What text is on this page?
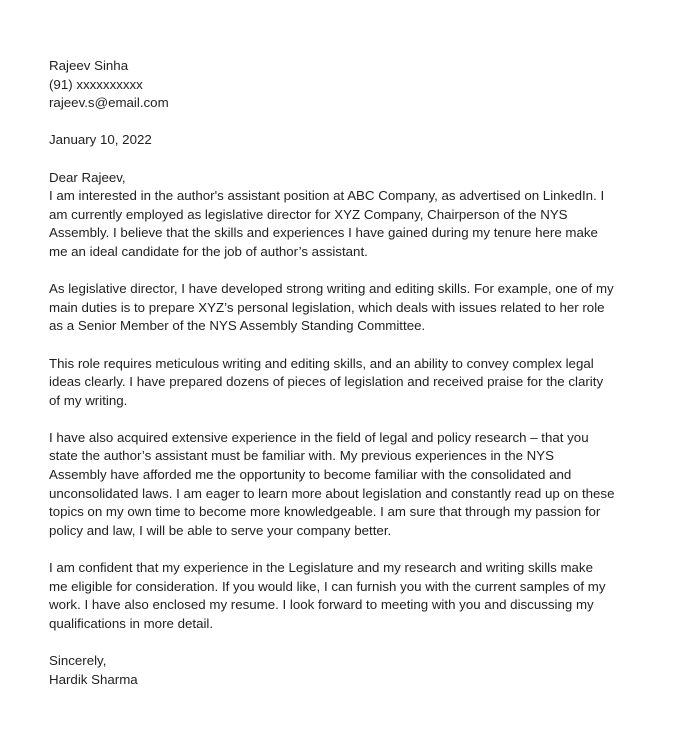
Rajeev Sinha
(91) xxxxxxxxxx
rajeev.s@email.com
January 10, 2022
Dear Rajeev,
I am interested in the author's assistant position at ABC Company, as advertised on LinkedIn. I
am currently employed as legislative director for XYZ Company, Chairperson of the NYS
Assembly. I believe that the skills and experiences I have gained during my tenure here make
me an ideal candidate for the job of author’s assistant.
As legislative director, I have developed strong writing and editing skills. For example, one of my
main duties is to prepare XYZ’s personal legislation, which deals with issues related to her role
as a Senior Member of the NYS Assembly Standing Committee.
This role requires meticulous writing and editing skills, and an ability to convey complex legal
ideas clearly. I have prepared dozens of pieces of legislation and received praise for the clarity
of my writing.
I have also acquired extensive experience in the field of legal and policy research – that you
state the author’s assistant must be familiar with. My previous experiences in the NYS
Assembly have afforded me the opportunity to become familiar with the consolidated and
unconsolidated laws. I am eager to learn more about legislation and constantly read up on these
topics on my own time to become more knowledgeable. I am sure that through my passion for
policy and law, I will be able to serve your company better.
I am confident that my experience in the Legislature and my research and writing skills make
me eligible for consideration. If you would like, I can furnish you with the current samples of my
work. I have also enclosed my resume. I look forward to meeting with you and discussing my
qualifications in more detail.
Sincerely,
Hardik Sharma
